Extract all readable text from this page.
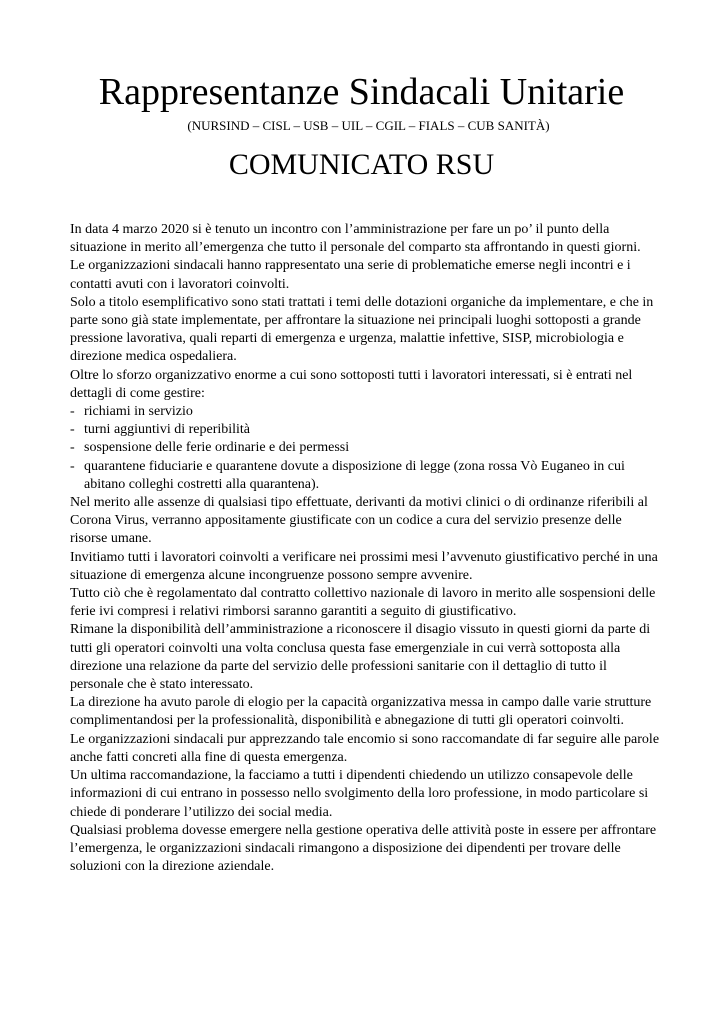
Rappresentanze Sindacali Unitarie
(NURSIND – CISL – USB – UIL – CGIL – FIALS – CUB SANITÀ)
COMUNICATO RSU

In data 4 marzo 2020 si è tenuto un incontro con l’amministrazione per fare un po’ il punto della situazione in merito all’emergenza che tutto il personale del comparto sta affrontando in questi giorni.

Le organizzazioni sindacali hanno rappresentato una serie di problematiche emerse negli incontri e i contatti avuti con i lavoratori coinvolti.

Solo a titolo esemplificativo sono stati trattati i temi delle dotazioni organiche da implementare, e che in parte sono già state implementate, per affrontare la situazione nei principali luoghi sottoposti a grande pressione lavorativa, quali reparti di emergenza e urgenza, malattie infettive, SISP, microbiologia e direzione medica ospedaliera.

Oltre lo sforzo organizzativo enorme a cui sono sottoposti tutti i lavoratori interessati, si è entrati nel dettagli di come gestire:

- richiami in servizio
- turni aggiuntivi di reperibilità
- sospensione delle ferie ordinarie e dei permessi
- quarantene fiduciarie e quarantene dovute a disposizione di legge (zona rossa Vò Euganeo in cui abitano colleghi costretti alla quarantena).

Nel merito alle assenze di qualsiasi tipo effettuate, derivanti da motivi clinici o di ordinanze riferibili al Corona Virus, verranno appositamente giustificate con un codice a cura del servizio presenze delle risorse umane.

Invitiamo tutti i lavoratori coinvolti a verificare nei prossimi mesi l’avvenuto giustificativo perché in una situazione di emergenza alcune incongruenze possono sempre avvenire.

Tutto ciò che è regolamentato dal contratto collettivo nazionale di lavoro in merito alle sospensioni delle ferie ivi compresi i relativi rimborsi saranno garantiti a seguito di giustificativo.

Rimane la disponibilità dell’amministrazione a riconoscere il disagio vissuto in questi giorni da parte di tutti gli operatori coinvolti una volta conclusa questa fase emergenziale in cui verrà sottoposta alla direzione una relazione da parte del servizio delle professioni sanitarie con il dettaglio di tutto il personale che è stato interessato.

La direzione ha avuto parole di elogio per la capacità organizzativa messa in campo dalle varie strutture complimentandosi per la professionalità, disponibilità e abnegazione di tutti gli operatori coinvolti.

Le organizzazioni sindacali pur apprezzando tale encomio si sono raccomandate di far seguire alle parole anche fatti concreti alla fine di questa emergenza.

Un ultima raccomandazione, la facciamo a tutti i dipendenti chiedendo un utilizzo consapevole delle informazioni di cui entrano in possesso nello svolgimento della loro professione, in modo particolare si chiede di ponderare l’utilizzo dei social media.

Qualsiasi problema dovesse emergere nella gestione operativa delle attività poste in essere per affrontare l’emergenza, le organizzazioni sindacali rimangono a disposizione dei dipendenti per trovare delle soluzioni con la direzione aziendale.
